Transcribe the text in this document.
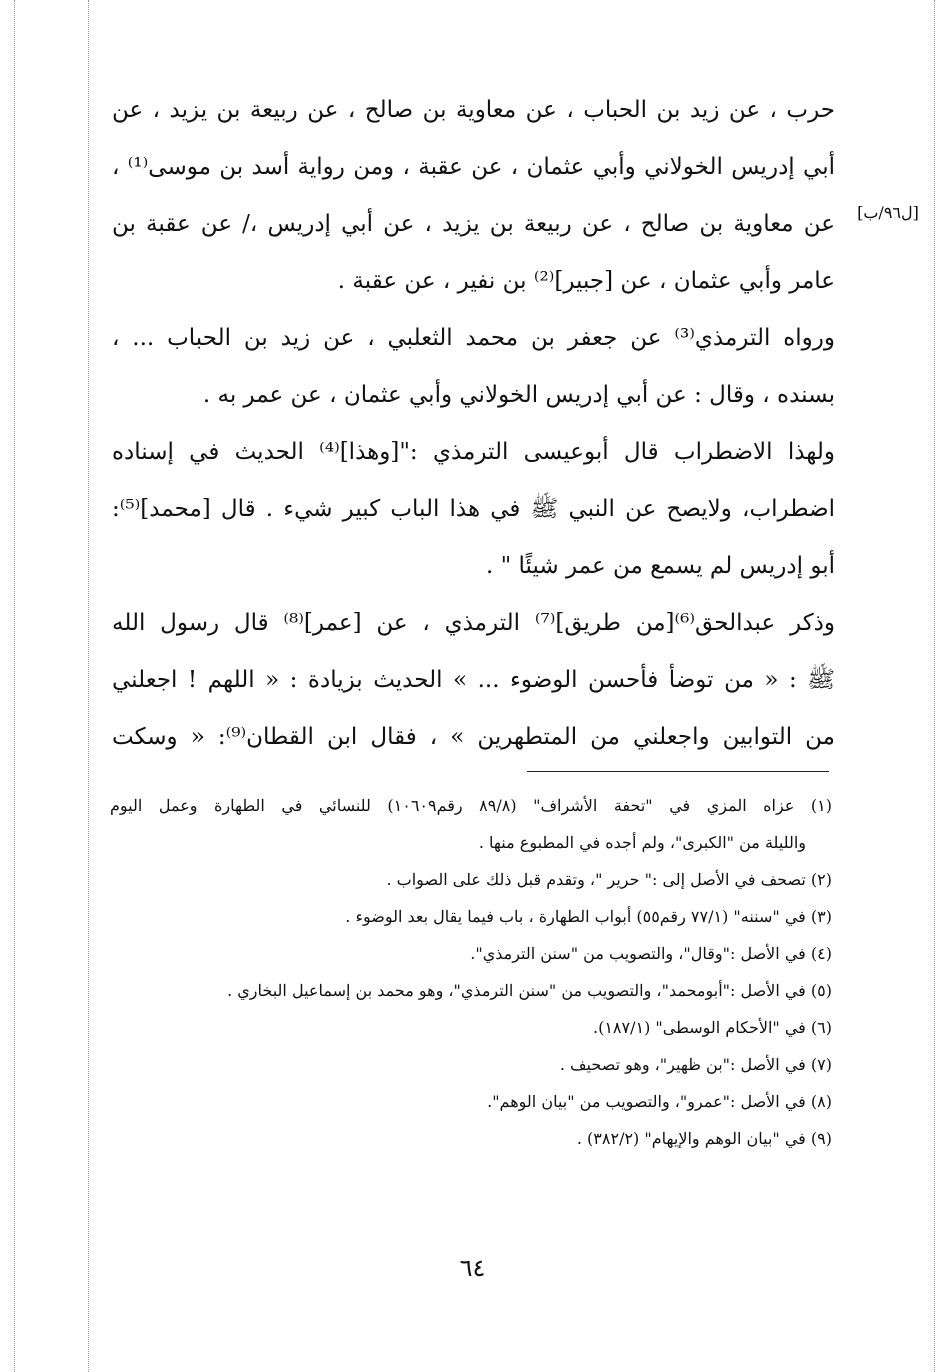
[ل٩٦/ب]
حرب ، عن زيد بن الحباب ، عن معاوية بن صالح ، عن ربيعة بن يزيد ، عن
أبي إدريس الخولاني وأبي عثمان ، عن عقبة ، ومن رواية أسد بن موسى⁽¹⁾ ،
عن معاوية بن صالح ، عن ربيعة بن يزيد ، عن أبي إدريس ،/ عن عقبة بن
عامر وأبي عثمان ، عن [جبير]⁽²⁾ بن نفير ، عن عقبة .
ورواه الترمذي⁽³⁾ عن جعفر بن محمد الثعلبي ، عن زيد بن الحباب ... ،
بسنده ، وقال : عن أبي إدريس الخولاني وأبي عثمان ، عن عمر به .
ولهذا الاضطراب قال أبوعيسى الترمذي :"[وهذا]⁽⁴⁾ الحديث في إسناده
اضطراب، ولايصح عن النبي ﷺ في هذا الباب كبير شيء . قال [محمد]⁽⁵⁾:
أبو إدريس لم يسمع من عمر شيئًا " .
وذكر عبدالحق⁽⁶⁾[من طريق]⁽⁷⁾ الترمذي ، عن [عمر]⁽⁸⁾ قال رسول الله
ﷺ : « من توضأ فأحسن الوضوء ... » الحديث بزيادة : « اللهم ! اجعلني
من التوابين واجعلني من المتطهرين » ، فقال ابن القطان⁽⁹⁾: « وسكت
(١) عزاه المزي في "تحفة الأشراف" (٨٩/٨ رقم١٠٦٠٩) للنسائي في الطهارة وعمل اليوم
والليلة من "الكبرى"، ولم أجده في المطبوع منها .
(٢) تصحف في الأصل إلى :" حرير "، وتقدم قبل ذلك على الصواب .
(٣) في "سننه" (٧٧/١ رقم٥٥) أبواب الطهارة ، باب فيما يقال بعد الوضوء .
(٤) في الأصل :"وقال"، والتصويب من "سنن الترمذي".
(٥) في الأصل :"أبومحمد"، والتصويب من "سنن الترمذي"، وهو محمد بن إسماعيل البخاري .
(٦) في "الأحكام الوسطى" (١٨٧/١).
(٧) في الأصل :"بن ظهير"، وهو تصحيف .
(٨) في الأصل :"عمرو"، والتصويب من "بيان الوهم".
(٩) في "بيان الوهم والإيهام" (٣٨٢/٢) .
٦٤
